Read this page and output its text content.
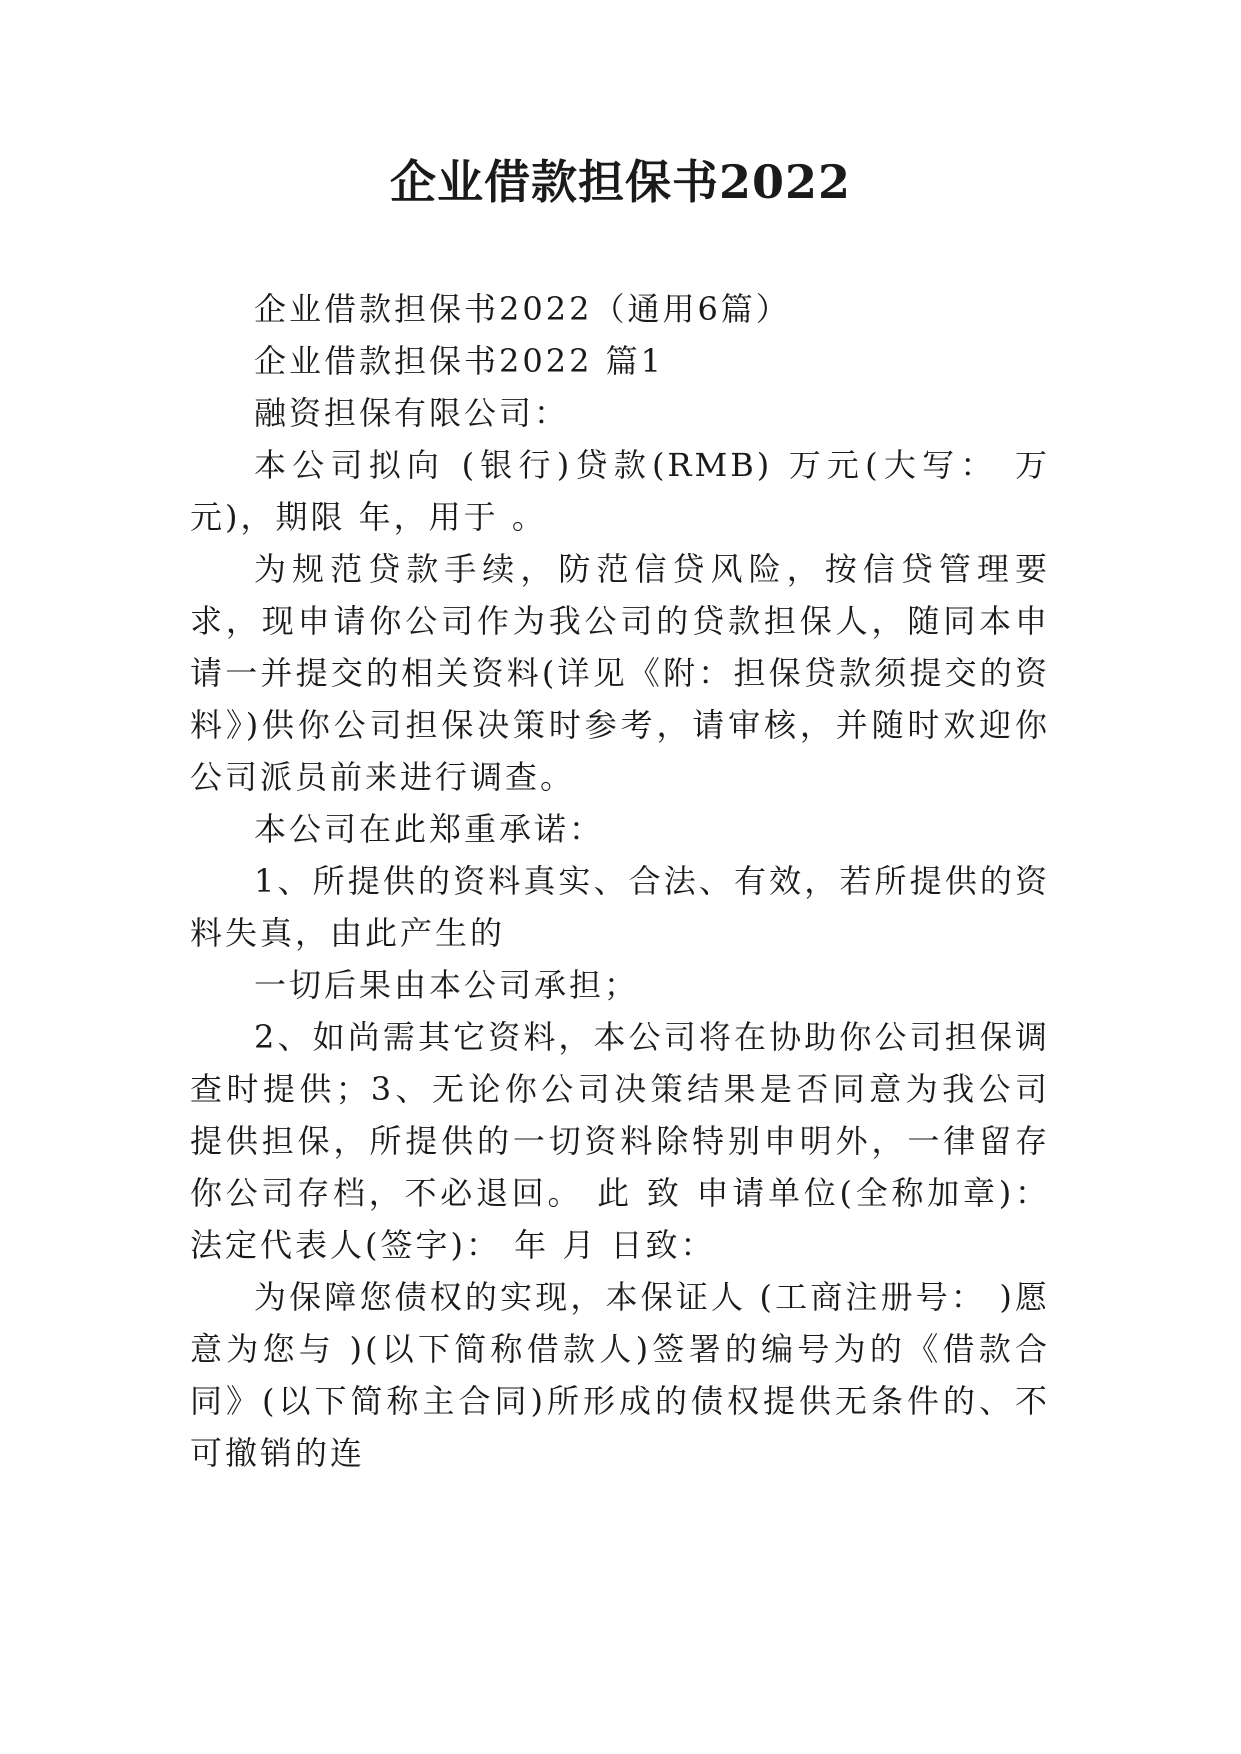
企业借款担保书2022

企业借款担保书2022（通用6篇）

企业借款担保书2022 篇1

融资担保有限公司：

本公司拟向 (银行)贷款(RMB) 万元(大写： 万元)，期限 年，用于 。

为规范贷款手续，防范信贷风险，按信贷管理要求，现申请你公司作为我公司的贷款担保人，随同本申请一并提交的相关资料(详见《附：担保贷款须提交的资料》)供你公司担保决策时参考，请审核，并随时欢迎你公司派员前来进行调查。

本公司在此郑重承诺：

1、所提供的资料真实、合法、有效，若所提供的资料失真，由此产生的

一切后果由本公司承担；

2、如尚需其它资料，本公司将在协助你公司担保调查时提供；3、无论你公司决策结果是否同意为我公司提供担保，所提供的一切资料除特别申明外，一律留存你公司存档，不必退回。 此 致 申请单位(全称加章)： 法定代表人(签字)： 年 月 日致：

为保障您债权的实现，本保证人 (工商注册号： )愿意为您与 )(以下简称借款人)签署的编号为的《借款合同》(以下简称主合同)所形成的债权提供无条件的、不可撤销的连
